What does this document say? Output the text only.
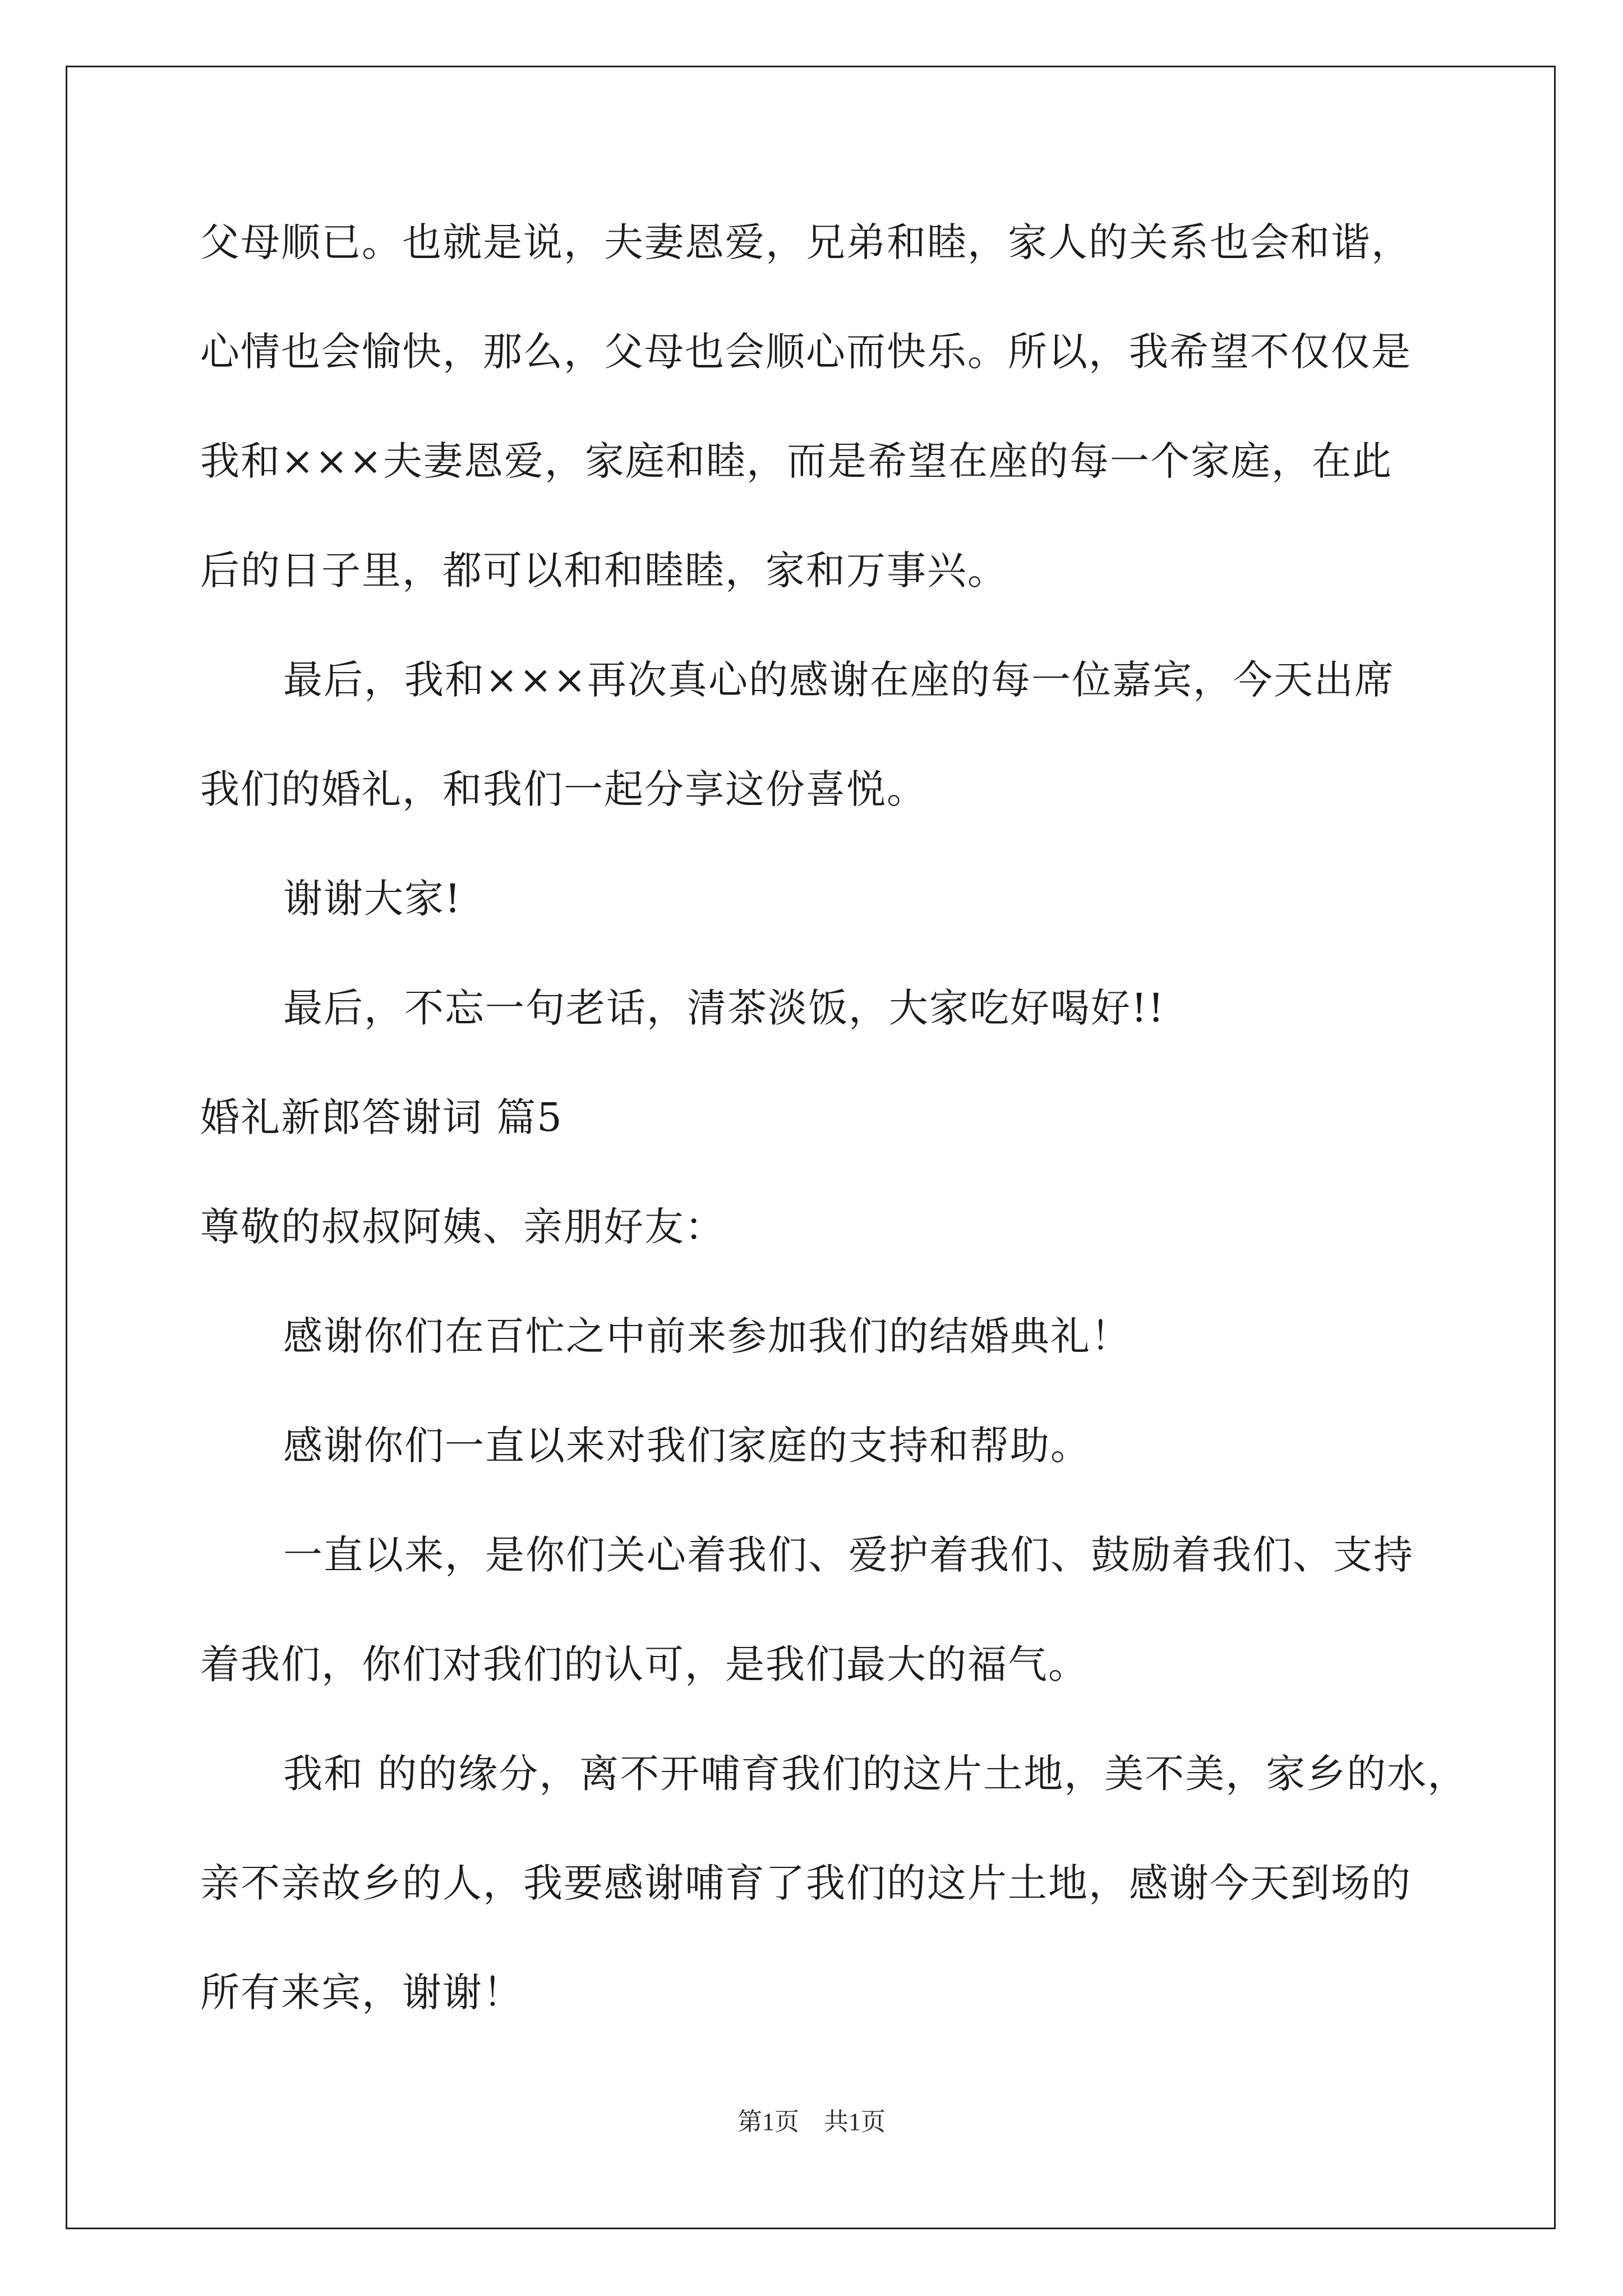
父母顺已。也就是说，夫妻恩爱，兄弟和睦，家人的关系也会和谐，
心情也会愉快，那么，父母也会顺心而快乐。所以，我希望不仅仅是
我和×××夫妻恩爱，家庭和睦，而是希望在座的每一个家庭，在此
后的日子里，都可以和和睦睦，家和万事兴。
最后，我和×××再次真心的感谢在座的每一位嘉宾，今天出席
我们的婚礼，和我们一起分享这份喜悦。
谢谢大家!
最后，不忘一句老话，清茶淡饭，大家吃好喝好!!
婚礼新郎答谢词 篇5
尊敬的叔叔阿姨、亲朋好友：
感谢你们在百忙之中前来参加我们的结婚典礼！
感谢你们一直以来对我们家庭的支持和帮助。
一直以来，是你们关心着我们、爱护着我们、鼓励着我们、支持
着我们，你们对我们的认可，是我们最大的福气。
我和 的的缘分，离不开哺育我们的这片土地，美不美，家乡的水，
亲不亲故乡的人，我要感谢哺育了我们的这片土地，感谢今天到场的
所有来宾，谢谢！
第1页 共1页
